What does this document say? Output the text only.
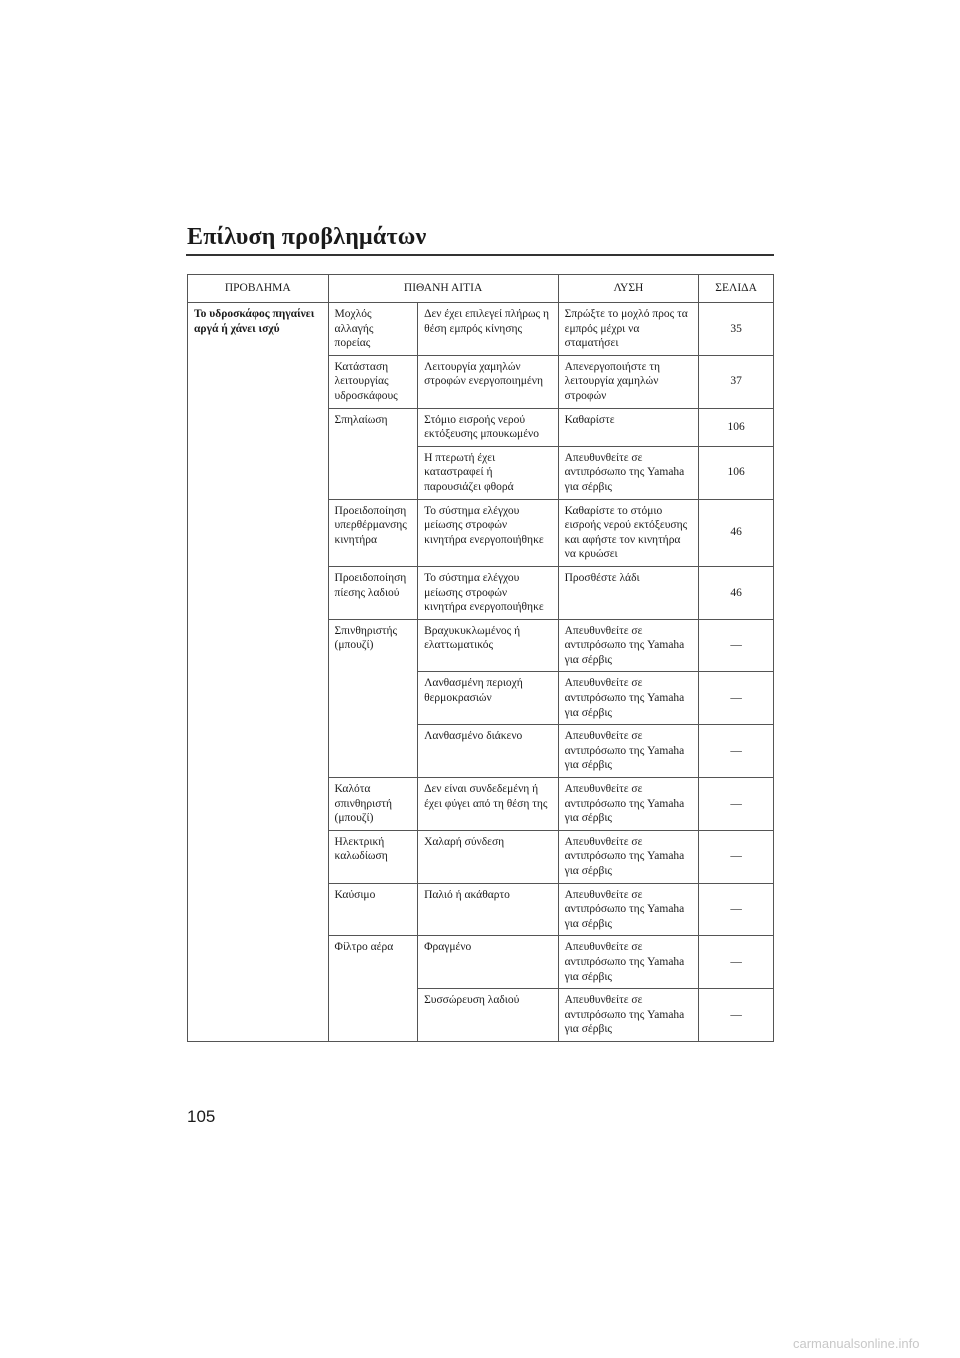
Επίλυση προβλημάτων
ΠΡΟΒΛΗΜΑ	ΠΙΘΑΝΗ ΑΙΤΙΑ		ΛΥΣΗ	ΣΕΛΙΔΑ
Το υδροσκάφος πηγαίνει αργά ή χάνει ισχύ	Μοχλός αλλαγής πορείας	Δεν έχει επιλεγεί πλήρως η θέση εμπρός κίνησης	Σπρώξτε το μοχλό προς τα εμπρός μέχρι να σταματήσει	35
	Κατάσταση λειτουργίας υδροσκάφους	Λειτουργία χαμηλών στροφών ενεργοποιημένη	Απενεργοποιήστε τη λειτουργία χαμηλών στροφών	37
	Σπηλαίωση	Στόμιο εισροής νερού εκτόξευσης μπουκωμένο	Καθαρίστε	106
		Η πτερωτή έχει καταστραφεί ή παρουσιάζει φθορά	Απευθυνθείτε σε αντιπρόσωπο της Yamaha για σέρβις	106
	Προειδοποίηση υπερθέρμανσης κινητήρα	Το σύστημα ελέγχου μείωσης στροφών κινητήρα ενεργοποιήθηκε	Καθαρίστε το στόμιο εισροής νερού εκτόξευσης και αφήστε τον κινητήρα να κρυώσει	46
	Προειδοποίηση πίεσης λαδιού	Το σύστημα ελέγχου μείωσης στροφών κινητήρα ενεργοποιήθηκε	Προσθέστε λάδι	46
	Σπινθηριστής (μπουζί)	Βραχυκυκλωμένος ή ελαττωματικός	Απευθυνθείτε σε αντιπρόσωπο της Yamaha για σέρβις	—
		Λανθασμένη περιοχή θερμοκρασιών	Απευθυνθείτε σε αντιπρόσωπο της Yamaha για σέρβις	—
		Λανθασμένο διάκενο	Απευθυνθείτε σε αντιπρόσωπο της Yamaha για σέρβις	—
	Καλότα σπινθηριστή (μπουζί)	Δεν είναι συνδεδεμένη ή έχει φύγει από τη θέση της	Απευθυνθείτε σε αντιπρόσωπο της Yamaha για σέρβις	—
	Ηλεκτρική καλωδίωση	Χαλαρή σύνδεση	Απευθυνθείτε σε αντιπρόσωπο της Yamaha για σέρβις	—
	Καύσιμο	Παλιό ή ακάθαρτο	Απευθυνθείτε σε αντιπρόσωπο της Yamaha για σέρβις	—
	Φίλτρο αέρα	Φραγμένο	Απευθυνθείτε σε αντιπρόσωπο της Yamaha για σέρβις	—
		Συσσώρευση λαδιού	Απευθυνθείτε σε αντιπρόσωπο της Yamaha για σέρβις	—
105
carmanualsonline.info
